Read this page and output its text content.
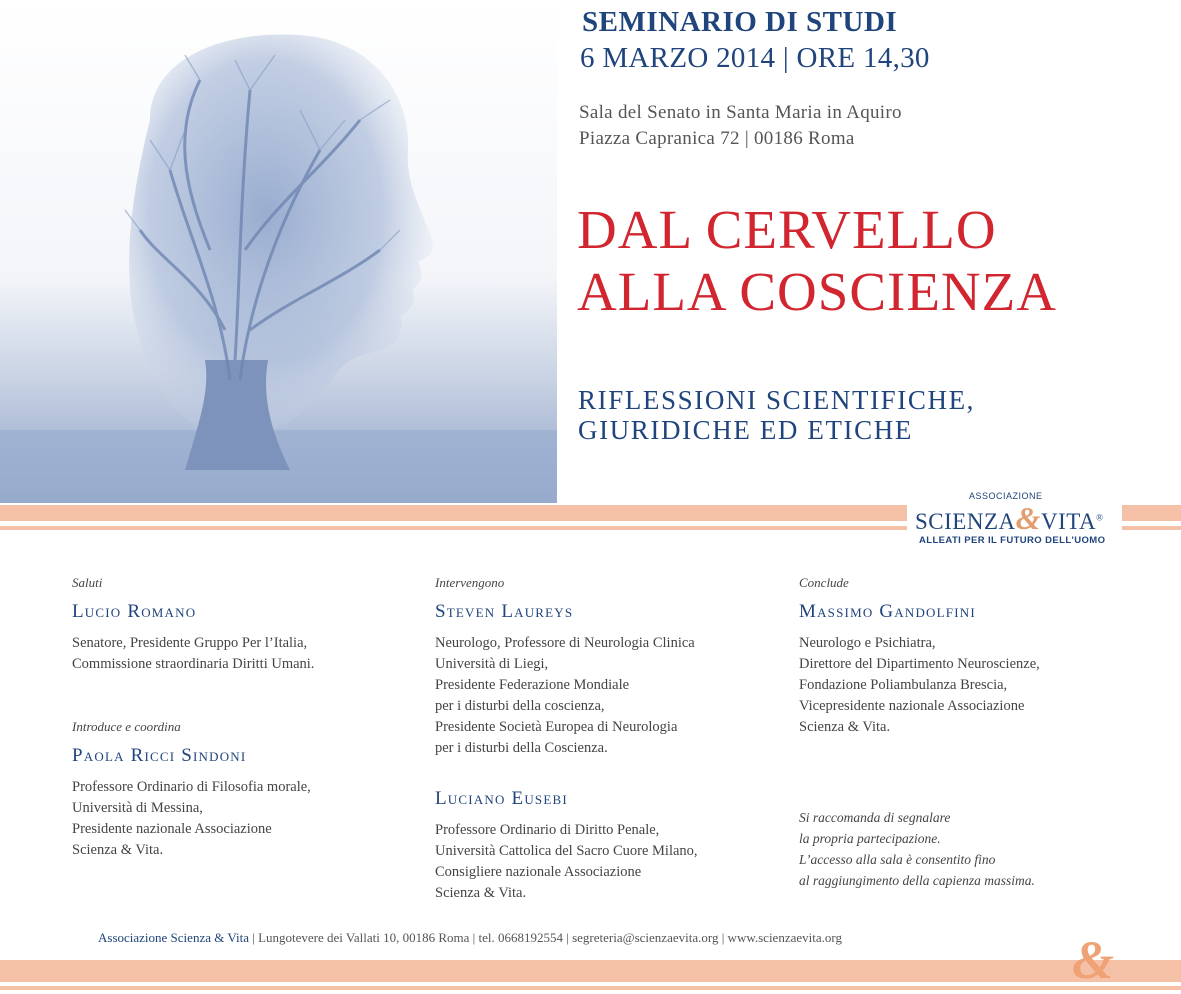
SEMINARIO DI STUDI
6 MARZO 2014 | ORE 14,30
Sala del Senato in Santa Maria in Aquiro
Piazza Capranica 72 | 00186 Roma
DAL CERVELLO
ALLA COSCIENZA
RIFLESSIONI SCIENTIFICHE,
GIURIDICHE ED ETICHE
ASSOCIAZIONE
SCIENZA&VITA®
ALLEATI PER IL FUTURO DELL'UOMO
Saluti
Lucio Romano
Senatore, Presidente Gruppo Per l’Italia,
Commissione straordinaria Diritti Umani.
Introduce e coordina
Paola Ricci Sindoni
Professore Ordinario di Filosofia morale,
Università di Messina,
Presidente nazionale Associazione
Scienza & Vita.
Intervengono
Steven Laureys
Neurologo, Professore di Neurologia Clinica
Università di Liegi,
Presidente Federazione Mondiale
per i disturbi della coscienza,
Presidente Società Europea di Neurologia
per i disturbi della Coscienza.
Luciano Eusebi
Professore Ordinario di Diritto Penale,
Università Cattolica del Sacro Cuore Milano,
Consigliere nazionale Associazione
Scienza & Vita.
Conclude
Massimo Gandolfini
Neurologo e Psichiatra,
Direttore del Dipartimento Neuroscienze,
Fondazione Poliambulanza Brescia,
Vicepresidente nazionale Associazione
Scienza & Vita.
Si raccomanda di segnalare
la propria partecipazione.
L’accesso alla sala è consentito fino
al raggiungimento della capienza massima.
Associazione Scienza & Vita | Lungotevere dei Vallati 10, 00186 Roma | tel. 0668192554 | segreteria@scienzaevita.org | www.scienzaevita.org	&
